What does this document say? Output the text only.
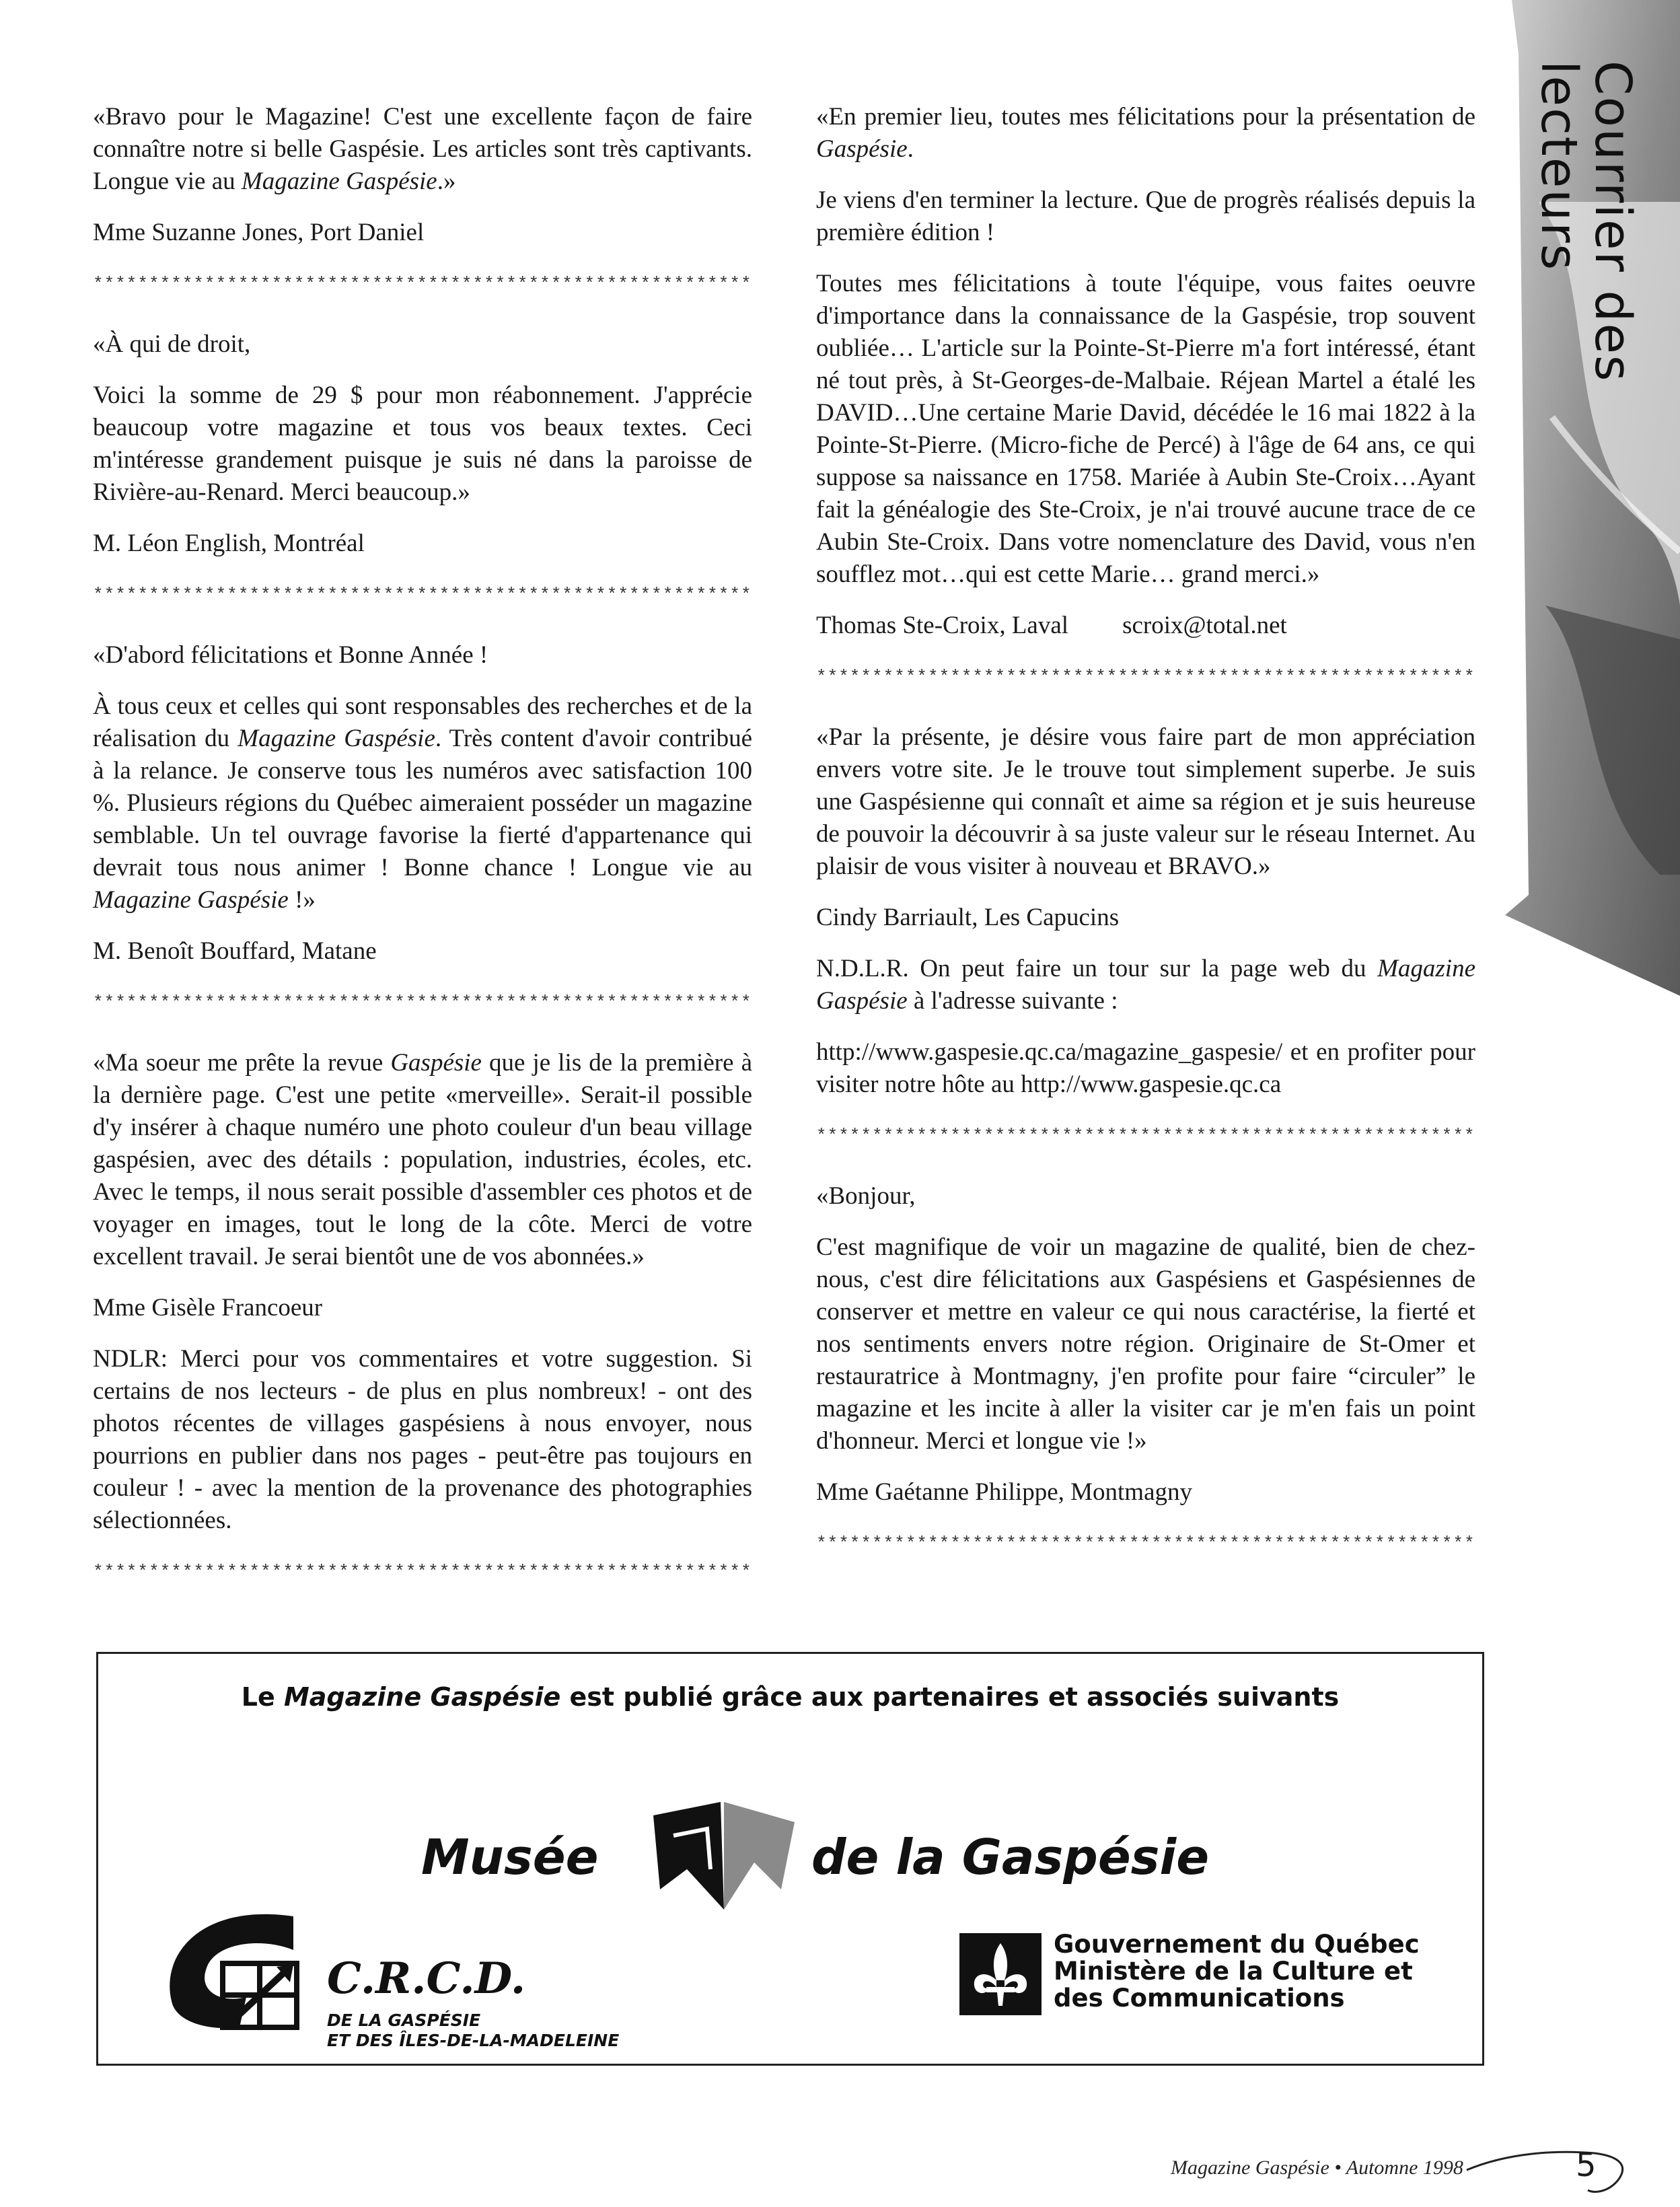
Courrier des lecteurs

«Bravo pour le Magazine! C'est une excellente façon de faire connaître notre si belle Gaspésie. Les articles sont très captivants. Longue vie au Magazine Gaspésie.»

Mme Suzanne Jones, Port Daniel

*****

«À qui de droit,

Voici la somme de 29 $ pour mon réabonnement. J'apprécie beaucoup votre magazine et tous vos beaux textes. Ceci m'intéresse grandement puisque je suis né dans la paroisse de Rivière-au-Renard. Merci beaucoup.»

M. Léon English, Montréal

*****

«D'abord félicitations et Bonne Année !

À tous ceux et celles qui sont responsables des recherches et de la réalisation du Magazine Gaspésie. Très content d'avoir contribué à la relance. Je conserve tous les numéros avec satisfaction 100 %. Plusieurs régions du Québec aimeraient posséder un magazine semblable. Un tel ouvrage favorise la fierté d'appartenance qui devrait tous nous animer ! Bonne chance ! Longue vie au Magazine Gaspésie !»

M. Benoît Bouffard, Matane

*****

«Ma soeur me prête la revue Gaspésie que je lis de la première à la dernière page. C'est une petite «merveille». Serait-il possible d'y insérer à chaque numéro une photo couleur d'un beau village gaspésien, avec des détails : population, industries, écoles, etc. Avec le temps, il nous serait possible d'assembler ces photos et de voyager en images, tout le long de la côte. Merci de votre excellent travail. Je serai bientôt une de vos abonnées.»

Mme Gisèle Francoeur

NDLR: Merci pour vos commentaires et votre suggestion. Si certains de nos lecteurs - de plus en plus nombreux! - ont des photos récentes de villages gaspésiens à nous envoyer, nous pourrions en publier dans nos pages - peut-être pas toujours en couleur ! - avec la mention de la provenance des photographies sélectionnées.

*****

«En premier lieu, toutes mes félicitations pour la présentation de Gaspésie.

Je viens d'en terminer la lecture. Que de progrès réalisés depuis la première édition !

Toutes mes félicitations à toute l'équipe, vous faites oeuvre d'importance dans la connaissance de la Gaspésie, trop souvent oubliée… L'article sur la Pointe-St-Pierre m'a fort intéressé, étant né tout près, à St-Georges-de-Malbaie. Réjean Martel a étalé les DAVID…Une certaine Marie David, décédée le 16 mai 1822 à la Pointe-St-Pierre. (Micro-fiche de Percé) à l'âge de 64 ans, ce qui suppose sa naissance en 1758. Mariée à Aubin Ste-Croix…Ayant fait la généalogie des Ste-Croix, je n'ai trouvé aucune trace de ce Aubin Ste-Croix. Dans votre nomenclature des David, vous n'en soufflez mot…qui est cette Marie… grand merci.»

Thomas Ste-Croix, Laval scroix@total.net

*****

«Par la présente, je désire vous faire part de mon appréciation envers votre site. Je le trouve tout simplement superbe. Je suis une Gaspésienne qui connaît et aime sa région et je suis heureuse de pouvoir la découvrir à sa juste valeur sur le réseau Internet. Au plaisir de vous visiter à nouveau et BRAVO.»

Cindy Barriault, Les Capucins

N.D.L.R. On peut faire un tour sur la page web du Magazine Gaspésie à l'adresse suivante :

http://www.gaspesie.qc.ca/magazine_gaspesie/ et en profiter pour visiter notre hôte au http://www.gaspesie.qc.ca

*****

«Bonjour,

C'est magnifique de voir un magazine de qualité, bien de chez-nous, c'est dire félicitations aux Gaspésiens et Gaspésiennes de conserver et mettre en valeur ce qui nous caractérise, la fierté et nos sentiments envers notre région. Originaire de St-Omer et restauratrice à Montmagny, j'en profite pour faire “circuler” le magazine et les incite à aller la visiter car je m'en fais un point d'honneur. Merci et longue vie !»

Mme Gaétanne Philippe, Montmagny

*****
Le Magazine Gaspésie est publié grâce aux partenaires et associés suivants
Musée	de la Gaspésie
C.R.C.D.
DE LA GASPÉSIE
ET DES ÎLES-DE-LA-MADELEINE
Gouvernement du Québec
Ministère de la Culture et
des Communications
Magazine Gaspésie • Automne 1998	5
